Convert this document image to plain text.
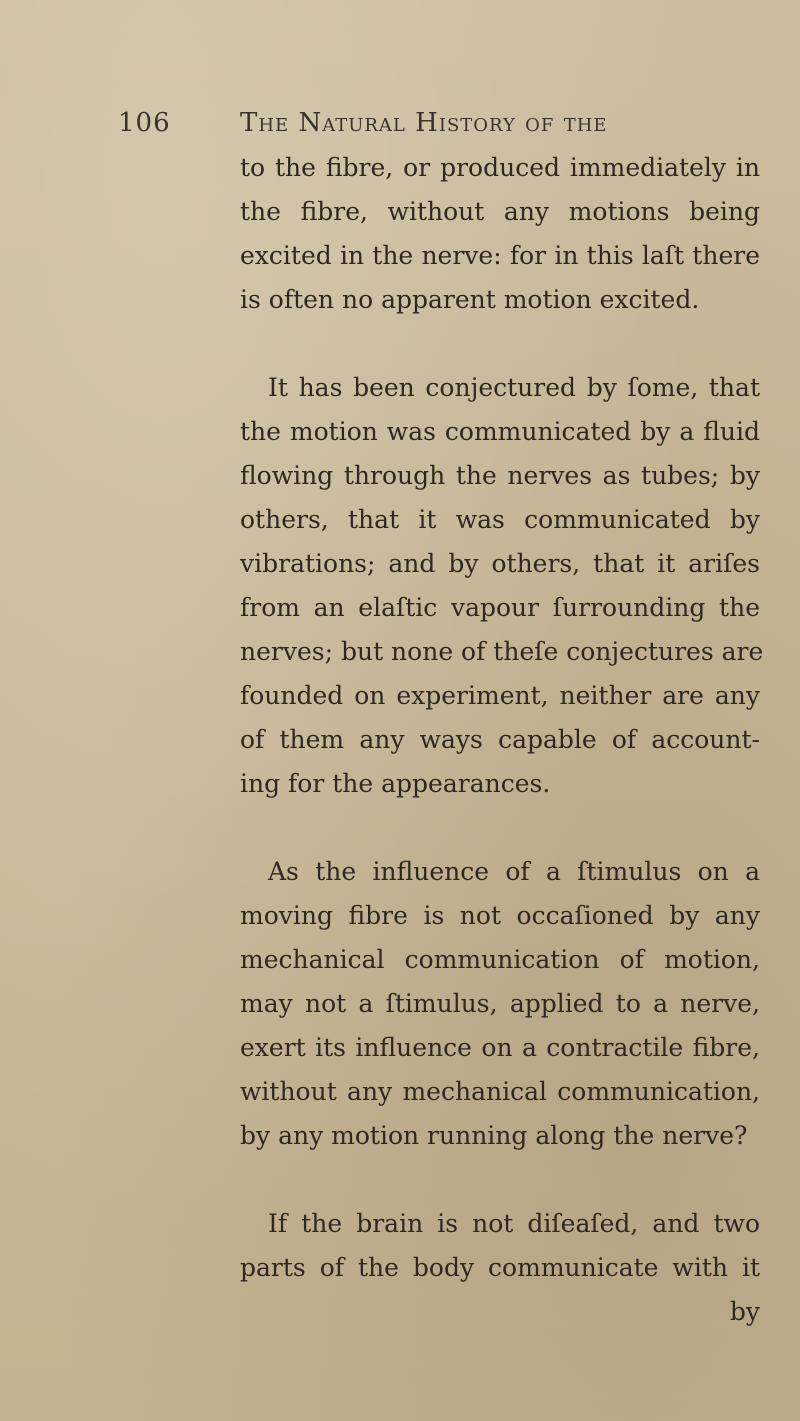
106	The Natural History of the
to the fibre, or produced immediately in
the fibre, without any motions being
excited in the nerve: for in this laſt there
is often no apparent motion excited.
It has been conjectured by ſome, that
the motion was communicated by a fluid
flowing through the nerves as tubes; by
others, that it was communicated by
vibrations; and by others, that it ariſes
from an elaſtic vapour ſurrounding the
nerves; but none of theſe conjectures are
founded on experiment, neither are any
of them any ways capable of account-
ing for the appearances.
As the influence of a ſtimulus on a
moving fibre is not occaſioned by any
mechanical communication of motion,
may not a ſtimulus, applied to a nerve,
exert its influence on a contractile fibre,
without any mechanical communication,
by any motion running along the nerve?
If the brain is not diſeaſed, and two
parts of the body communicate with it
by
